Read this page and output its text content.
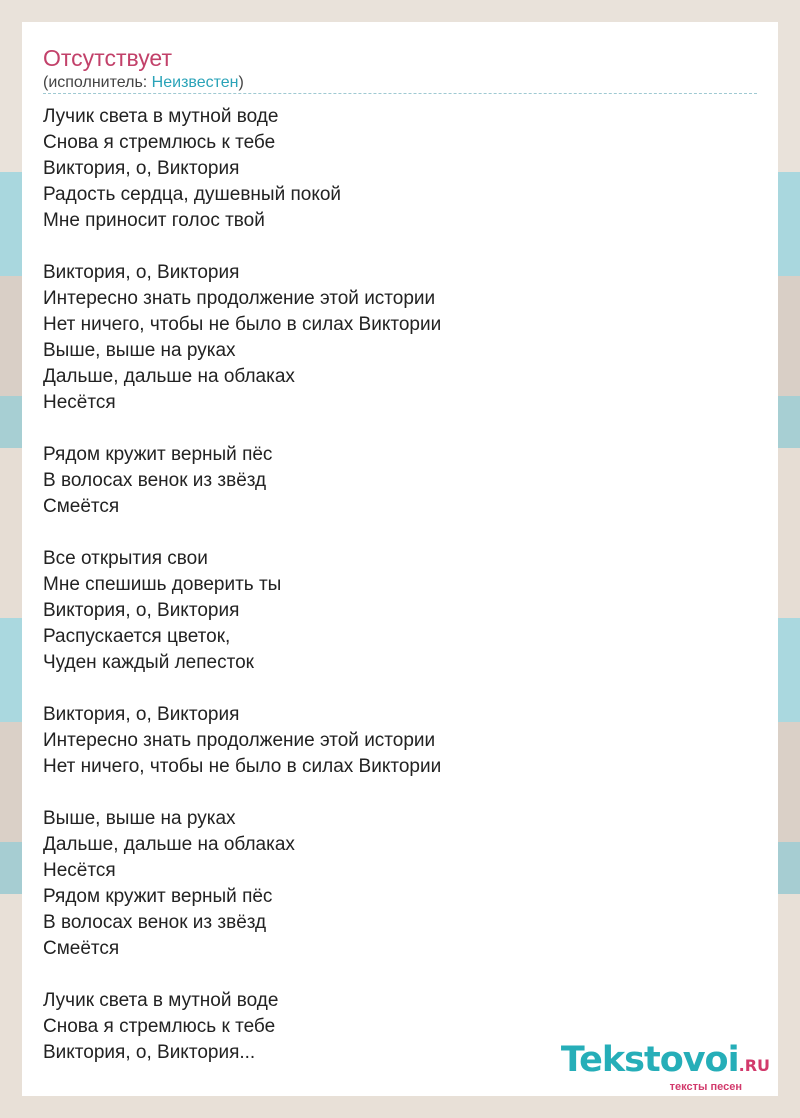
Отсутствует
(исполнитель: Неизвестен)
Лучик света в мутной воде
Снова я стремлюсь к тебе
Виктория, о, Виктория
Радость сердца, душевный покой
Мне приносит голос твой
Виктория, о, Виктория
Интересно знать продолжение этой истории
Нет ничего, чтобы не было в силах Виктории
Выше, выше на руках
Дальше, дальше на облаках
Несётся
Рядом кружит верный пёс
В волосах венок из звёзд
Смеётся
Все открытия свои
Мне спешишь доверить ты
Виктория, о, Виктория
Распускается цветок,
Чуден каждый лепесток
Виктория, о, Виктория
Интересно знать продолжение этой истории
Нет ничего, чтобы не было в силах Виктории
Выше, выше на руках
Дальше, дальше на облаках
Несётся
Рядом кружит верный пёс
В волосах венок из звёзд
Смеётся
Лучик света в мутной воде
Снова я стремлюсь к тебе
Виктория, о, Виктория...	Tekstovoi.RU
тексты песен
